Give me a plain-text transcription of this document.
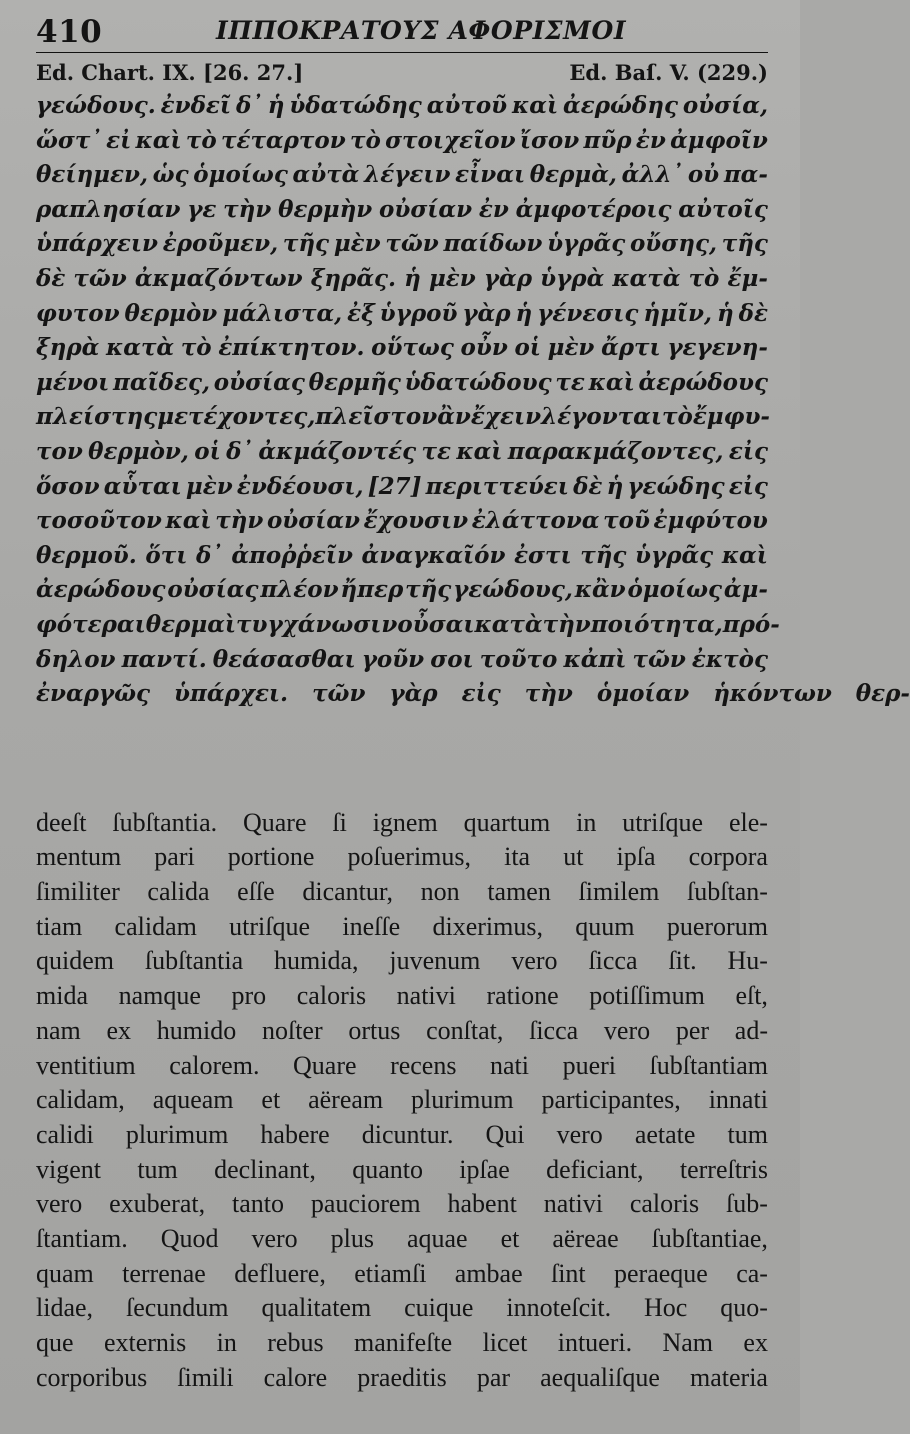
410	ΙΠΠΟΚΡΑΤΟΥΣ ΑΦΟΡΙΣΜΟΙ
Ed. Chart. IX. [26. 27.]	Ed. Baſ. V. (229.)
γεώδους. ἐνδεῖ δ᾽ ἡ ὑδατώδης αὐτοῦ καὶ ἀερώδης οὐσία,
ὥστ᾽ εἰ καὶ τὸ τέταρτον τὸ στοιχεῖον ἴσον πῦρ ἐν ἀμφοῖν
θείημεν, ὡς ὁμοίως αὐτὰ λέγειν εἶναι θερμὰ, ἀλλ᾽ οὐ πα-
ραπλησίαν γε τὴν θερμὴν οὐσίαν ἐν ἀμφοτέροις αὐτοῖς
ὑπάρχειν ἐροῦμεν, τῆς μὲν τῶν παίδων ὑγρᾶς οὔσης, τῆς
δὲ τῶν ἀκμαζόντων ξηρᾶς. ἡ μὲν γὰρ ὑγρὰ κατὰ τὸ ἔμ-
φυτον θερμὸν μάλιστα, ἐξ ὑγροῦ γὰρ ἡ γένεσις ἡμῖν, ἡ δὲ
ξηρὰ κατὰ τὸ ἐπίκτητον. οὕτως οὖν οἱ μὲν ἄρτι γεγενη-
μένοι παῖδες, οὐσίας θερμῆς ὑδατώδους τε καὶ ἀερώδους
πλείστης μετέχοντες, πλεῖστον ἂν ἔχειν λέγονται τὸ ἔμφυ-
τον θερμὸν, οἱ δ᾽ ἀκμάζοντές τε καὶ παρακμάζοντες, εἰς
ὅσον αὗται μὲν ἐνδέουσι, [27] περιττεύει δὲ ἡ γεώδης εἰς
τοσοῦτον καὶ τὴν οὐσίαν ἔχουσιν ἐλάττονα τοῦ ἐμφύτου
θερμοῦ. ὅτι δ᾽ ἀποῤῥεῖν ἀναγκαῖόν ἐστι τῆς ὑγρᾶς καὶ
ἀερώδους οὐσίας πλέον ἤπερ τῆς γεώδους, κἂν ὁμοίως ἀμ-
φότεραι θερμαὶ τυγχάνωσιν οὖσαι κατὰ τὴν ποιότητα, πρό-
δηλον παντί. θεάσασθαι γοῦν σοι τοῦτο κἀπὶ τῶν ἐκτὸς
ἐναργῶς ὑπάρχει. τῶν γὰρ εἰς τὴν ὁμοίαν ἡκόντων θερ-
deeſt ſubſtantia. Quare ſi ignem quartum in utriſque ele-
mentum pari portione poſuerimus, ita ut ipſa corpora
ſimiliter calida eſſe dicantur, non tamen ſimilem ſubſtan-
tiam calidam utriſque ineſſe dixerimus, quum puerorum
quidem ſubſtantia humida, juvenum vero ſicca ſit. Hu-
mida namque pro caloris nativi ratione potiſſimum eſt,
nam ex humido noſter ortus conſtat, ſicca vero per ad-
ventitium calorem. Quare recens nati pueri ſubſtantiam
calidam, aqueam et aëream plurimum participantes, innati
calidi plurimum habere dicuntur. Qui vero aetate tum
vigent tum declinant, quanto ipſae deficiant, terreſtris
vero exuberat, tanto pauciorem habent nativi caloris ſub-
ſtantiam. Quod vero plus aquae et aëreae ſubſtantiae,
quam terrenae defluere, etiamſi ambae ſint peraeque ca-
lidae, ſecundum qualitatem cuique innoteſcit. Hoc quo-
que externis in rebus manifeſte licet intueri. Nam ex
corporibus ſimili calore praeditis par aequaliſque materia
